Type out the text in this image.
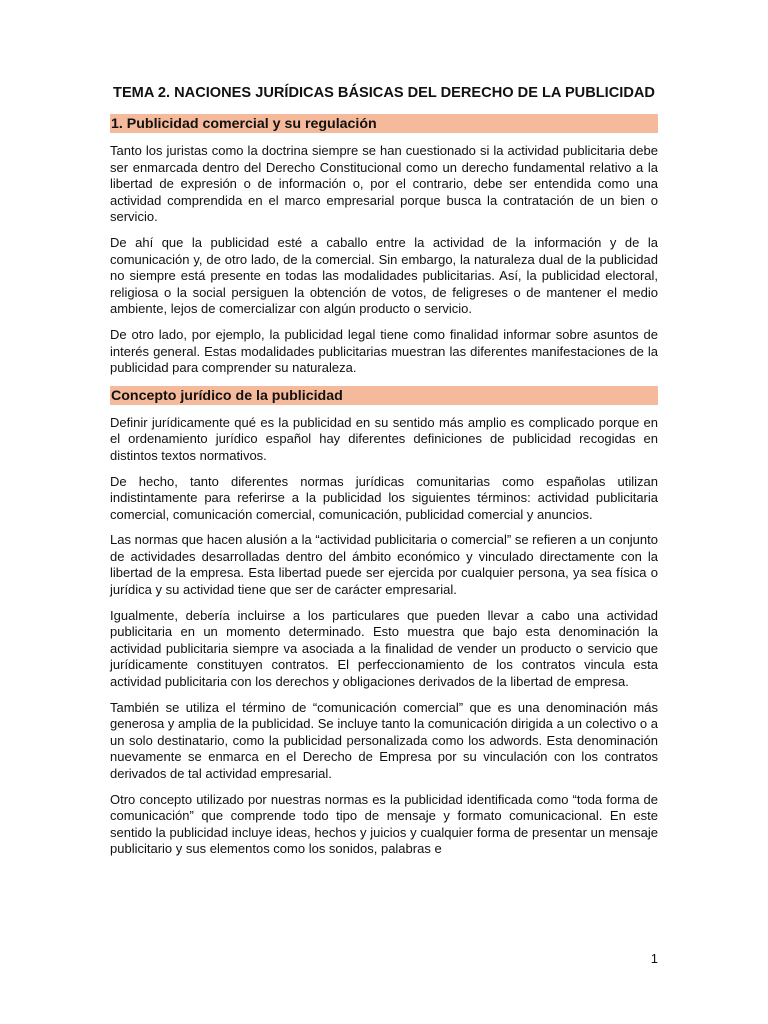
TEMA 2. NACIONES JURÍDICAS BÁSICAS DEL DERECHO DE LA PUBLICIDAD
1. Publicidad comercial y su regulación

Tanto los juristas como la doctrina siempre se han cuestionado si la actividad publicitaria debe ser enmarcada dentro del Derecho Constitucional como un derecho fundamental relativo a la libertad de expresión o de información o, por el contrario, debe ser entendida como una actividad comprendida en el marco empresarial porque busca la contratación de un bien o servicio.

De ahí que la publicidad esté a caballo entre la actividad de la información y de la comunicación y, de otro lado, de la comercial. Sin embargo, la naturaleza dual de la publicidad no siempre está presente en todas las modalidades publicitarias. Así, la publicidad electoral, religiosa o la social persiguen la obtención de votos, de feligreses o de mantener el medio ambiente, lejos de comercializar con algún producto o servicio.

De otro lado, por ejemplo, la publicidad legal tiene como finalidad informar sobre asuntos de interés general. Estas modalidades publicitarias muestran las diferentes manifestaciones de la publicidad para comprender su naturaleza.

Concepto jurídico de la publicidad

Definir jurídicamente qué es la publicidad en su sentido más amplio es complicado porque en el ordenamiento jurídico español hay diferentes definiciones de publicidad recogidas en distintos textos normativos.

De hecho, tanto diferentes normas jurídicas comunitarias como españolas utilizan indistintamente para referirse a la publicidad los siguientes términos: actividad publicitaria comercial, comunicación comercial, comunicación, publicidad comercial y anuncios.

Las normas que hacen alusión a la “actividad publicitaria o comercial” se refieren a un conjunto de actividades desarrolladas dentro del ámbito económico y vinculado directamente con la libertad de la empresa. Esta libertad puede ser ejercida por cualquier persona, ya sea física o jurídica y su actividad tiene que ser de carácter empresarial.

Igualmente, debería incluirse a los particulares que pueden llevar a cabo una actividad publicitaria en un momento determinado. Esto muestra que bajo esta denominación la actividad publicitaria siempre va asociada a la finalidad de vender un producto o servicio que jurídicamente constituyen contratos. El perfeccionamiento de los contratos vincula esta actividad publicitaria con los derechos y obligaciones derivados de la libertad de empresa.

También se utiliza el término de “comunicación comercial” que es una denominación más generosa y amplia de la publicidad. Se incluye tanto la comunicación dirigida a un colectivo o a un solo destinatario, como la publicidad personalizada como los adwords. Esta denominación nuevamente se enmarca en el Derecho de Empresa por su vinculación con los contratos derivados de tal actividad empresarial.

Otro concepto utilizado por nuestras normas es la publicidad identificada como “toda forma de comunicación” que comprende todo tipo de mensaje y formato comunicacional. En este sentido la publicidad incluye ideas, hechos y juicios y cualquier forma de presentar un mensaje publicitario y sus elementos como los sonidos, palabras e

1
